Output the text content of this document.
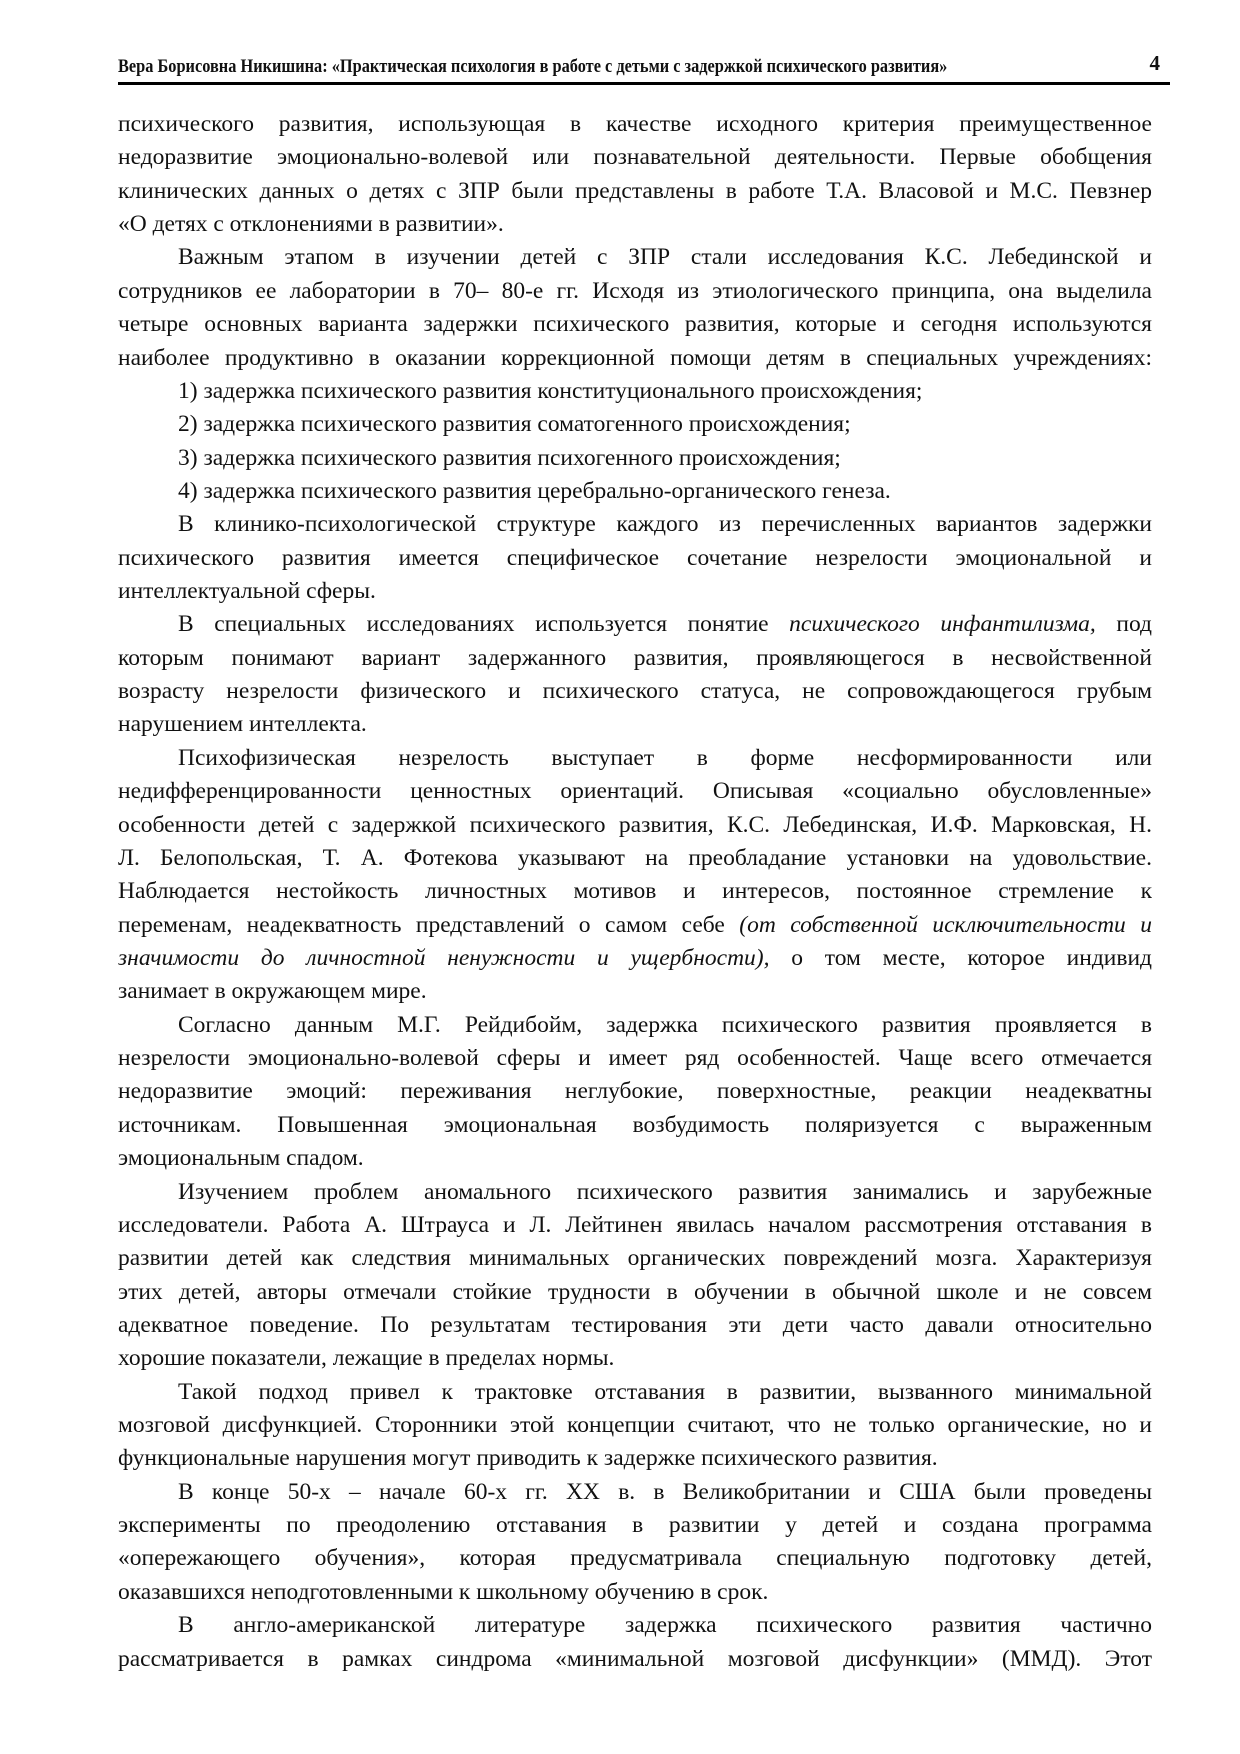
Вера Борисовна Никишина: «Практическая психология в работе с детьми с задержкой психического развития»	4
психического развития, использующая в качестве исходного критерия преимущественное
недоразвитие эмоционально-волевой или познавательной деятельности. Первые обобщения
клинических данных о детях с ЗПР были представлены в работе Т.А. Власовой и М.С. Певзнер
«О детях с отклонениями в развитии».
Важным этапом в изучении детей с ЗПР стали исследования К.С. Лебединской и
сотрудников ее лаборатории в 70– 80-е гг. Исходя из этиологического принципа, она выделила
четыре основных варианта задержки психического развития, которые и сегодня используются
наиболее продуктивно в оказании коррекционной помощи детям в специальных учреждениях:
1) задержка психического развития конституционального происхождения;
2) задержка психического развития соматогенного происхождения;
3) задержка психического развития психогенного происхождения;
4) задержка психического развития церебрально-органического генеза.
В клинико-психологической структуре каждого из перечисленных вариантов задержки
психического развития имеется специфическое сочетание незрелости эмоциональной и
интеллектуальной сферы.
В специальных исследованиях используется понятие психического инфантилизма, под
которым понимают вариант задержанного развития, проявляющегося в несвойственной
возрасту незрелости физического и психического статуса, не сопровождающегося грубым
нарушением интеллекта.
Психофизическая незрелость выступает в форме несформированности или
недифференцированности ценностных ориентаций. Описывая «социально обусловленные»
особенности детей с задержкой психического развития, К.С. Лебединская, И.Ф. Марковская, Н.
Л. Белопольская, Т. А. Фотекова указывают на преобладание установки на удовольствие.
Наблюдается нестойкость личностных мотивов и интересов, постоянное стремление к
переменам, неадекватность представлений о самом себе (от собственной исключительности и
значимости до личностной ненужности и ущербности), о том месте, которое индивид
занимает в окружающем мире.
Согласно данным М.Г. Рейдибойм, задержка психического развития проявляется в
незрелости эмоционально-волевой сферы и имеет ряд особенностей. Чаще всего отмечается
недоразвитие эмоций: переживания неглубокие, поверхностные, реакции неадекватны
источникам. Повышенная эмоциональная возбудимость поляризуется с выраженным
эмоциональным спадом.
Изучением проблем аномального психического развития занимались и зарубежные
исследователи. Работа А. Штрауса и Л. Лейтинен явилась началом рассмотрения отставания в
развитии детей как следствия минимальных органических повреждений мозга. Характеризуя
этих детей, авторы отмечали стойкие трудности в обучении в обычной школе и не совсем
адекватное поведение. По результатам тестирования эти дети часто давали относительно
хорошие показатели, лежащие в пределах нормы.
Такой подход привел к трактовке отставания в развитии, вызванного минимальной
мозговой дисфункцией. Сторонники этой концепции считают, что не только органические, но и
функциональные нарушения могут приводить к задержке психического развития.
В конце 50-х – начале 60-х гг. XX в. в Великобритании и США были проведены
эксперименты по преодолению отставания в развитии у детей и создана программа
«опережающего обучения», которая предусматривала специальную подготовку детей,
оказавшихся неподготовленными к школьному обучению в срок.
В англо-американской литературе задержка психического развития частично
рассматривается в рамках синдрома «минимальной мозговой дисфункции» (ММД). Этот
